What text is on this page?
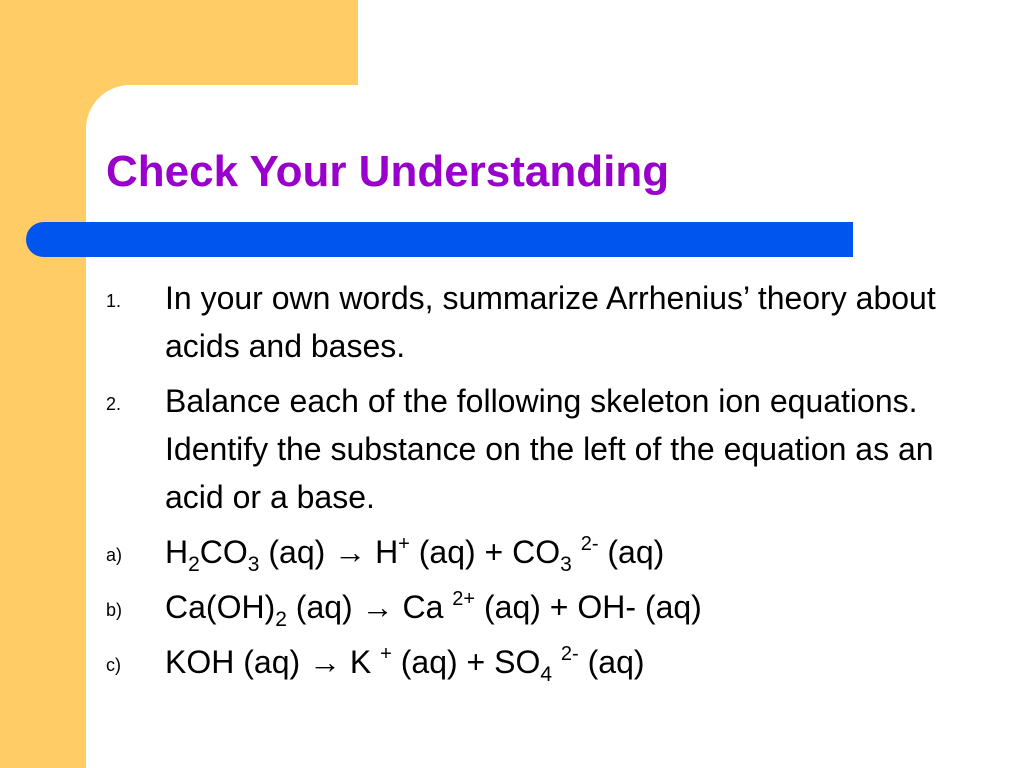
Check Your Understanding
1. In your own words, summarize Arrhenius’ theory about acids and bases.
2. Balance each of the following skeleton ion equations. Identify the substance on the left of the equation as an acid or a base.
a) $H_2CO_3$ (aq) → H+ $(aq) + CO_3$ $^{2-}$ (aq)
b) $Ca(OH)_2$ (aq) → Ca $^{2+}$ (aq) + OH- (aq)
c) KOH (aq) → K + $(aq) + SO_4$ $^{2-}$ (aq)
